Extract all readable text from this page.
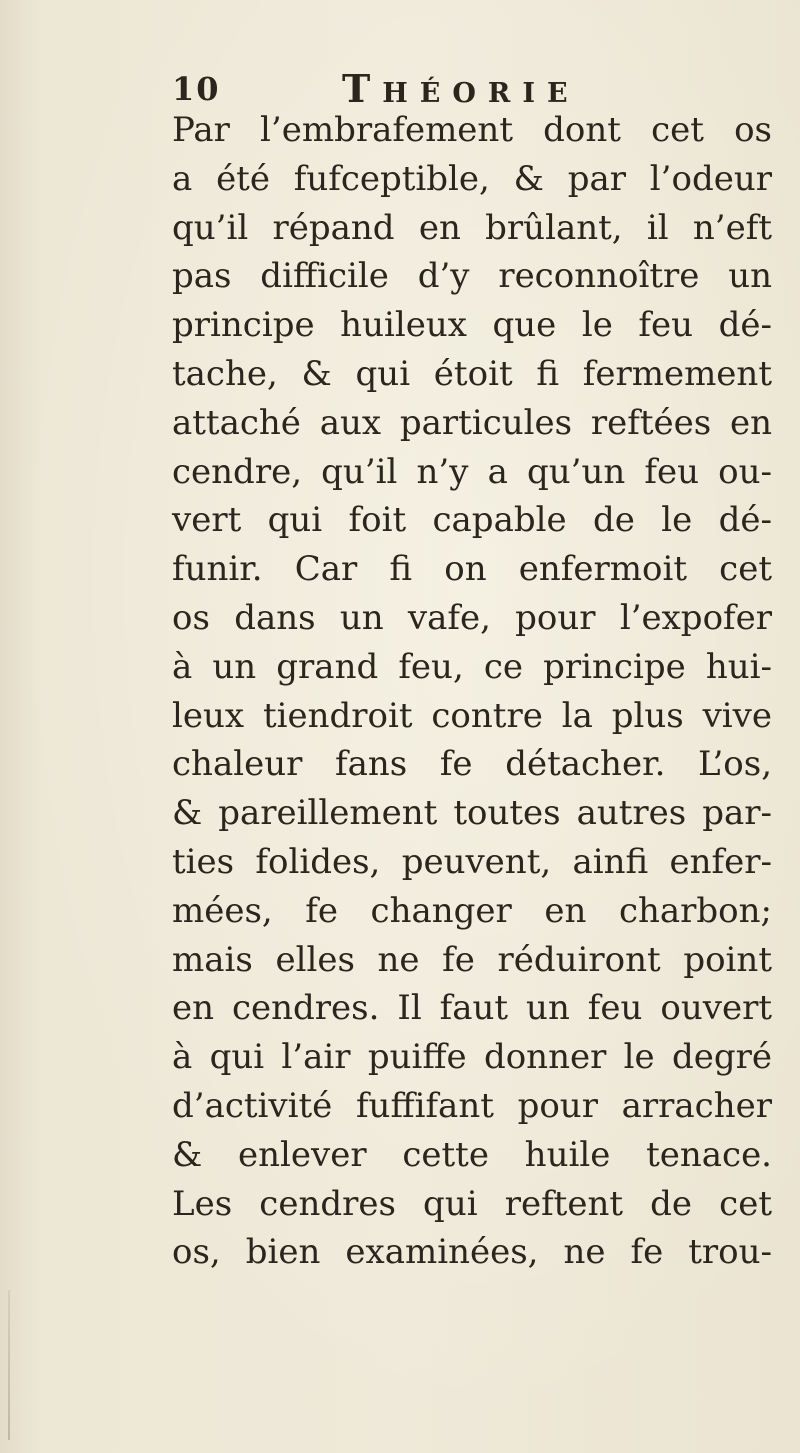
10	Théorie
Par l’embrafement dont cet os
a été fufceptible, & par l’odeur
qu’il répand en brûlant, il n’eft
pas difficile d’y reconnoître un
principe huileux que le feu dé-
tache, & qui étoit fi fermement
attaché aux particules reftées en
cendre, qu’il n’y a qu’un feu ou-
vert qui foit capable de le dé-
funir. Car fi on enfermoit cet
os dans un vafe, pour l’expofer
à un grand feu, ce principe hui-
leux tiendroit contre la plus vive
chaleur fans fe détacher. L’os,
& pareillement toutes autres par-
ties folides, peuvent, ainfi enfer-
mées, fe changer en charbon;
mais elles ne fe réduiront point
en cendres. Il faut un feu ouvert
à qui l’air puiffe donner le degré
d’activité fuffifant pour arracher
& enlever cette huile tenace.
Les cendres qui reftent de cet
os, bien examinées, ne fe trou-
